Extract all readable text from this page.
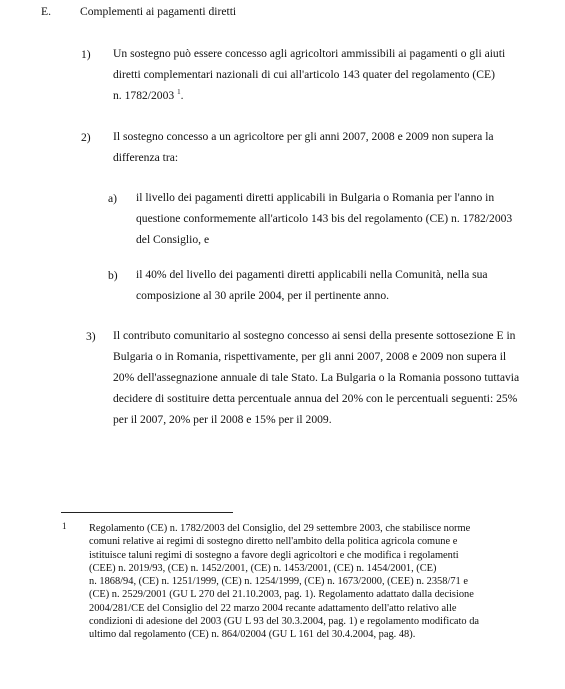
E.	Complementi ai pagamenti diretti
1) Un sostegno può essere concesso agli agricoltori ammissibili ai pagamenti o gli aiuti
diretti complementari nazionali di cui all'articolo 143 quater del regolamento (CE)
n. 1782/2003 $^1$.
2) Il sostegno concesso a un agricoltore per gli anni 2007, 2008 e 2009 non supera la
differenza tra:
a) il livello dei pagamenti diretti applicabili in Bulgaria o Romania per l'anno in
questione conformemente all'articolo 143 bis del regolamento (CE) n. 1782/2003
del Consiglio, e
b) il 40% del livello dei pagamenti diretti applicabili nella Comunità, nella sua
composizione al 30 aprile 2004, per il pertinente anno.
3) Il contributo comunitario al sostegno concesso ai sensi della presente sottosezione E in
Bulgaria o in Romania, rispettivamente, per gli anni 2007, 2008 e 2009 non supera il
20% dell'assegnazione annuale di tale Stato. La Bulgaria o la Romania possono tuttavia
decidere di sostituire detta percentuale annua del 20% con le percentuali seguenti: 25%
per il 2007, 20% per il 2008 e 15% per il 2009.
1 Regolamento (CE) n. 1782/2003 del Consiglio, del 29 settembre 2003, che stabilisce norme
comuni relative ai regimi di sostegno diretto nell'ambito della politica agricola comune e
istituisce taluni regimi di sostegno a favore degli agricoltori e che modifica i regolamenti
(CEE) n. 2019/93, (CE) n. 1452/2001, (CE) n. 1453/2001, (CE) n. 1454/2001, (CE)
n. 1868/94, (CE) n. 1251/1999, (CE) n. 1254/1999, (CE) n. 1673/2000, (CEE) n. 2358/71 e
(CE) n. 2529/2001 (GU L 270 del 21.10.2003, pag. 1). Regolamento adattato dalla decisione
2004/281/CE del Consiglio del 22 marzo 2004 recante adattamento dell'atto relativo alle
condizioni di adesione del 2003 (GU L 93 del 30.3.2004, pag. 1) e regolamento modificato da
ultimo dal regolamento (CE) n. 864/02004 (GU L 161 del 30.4.2004, pag. 48).
